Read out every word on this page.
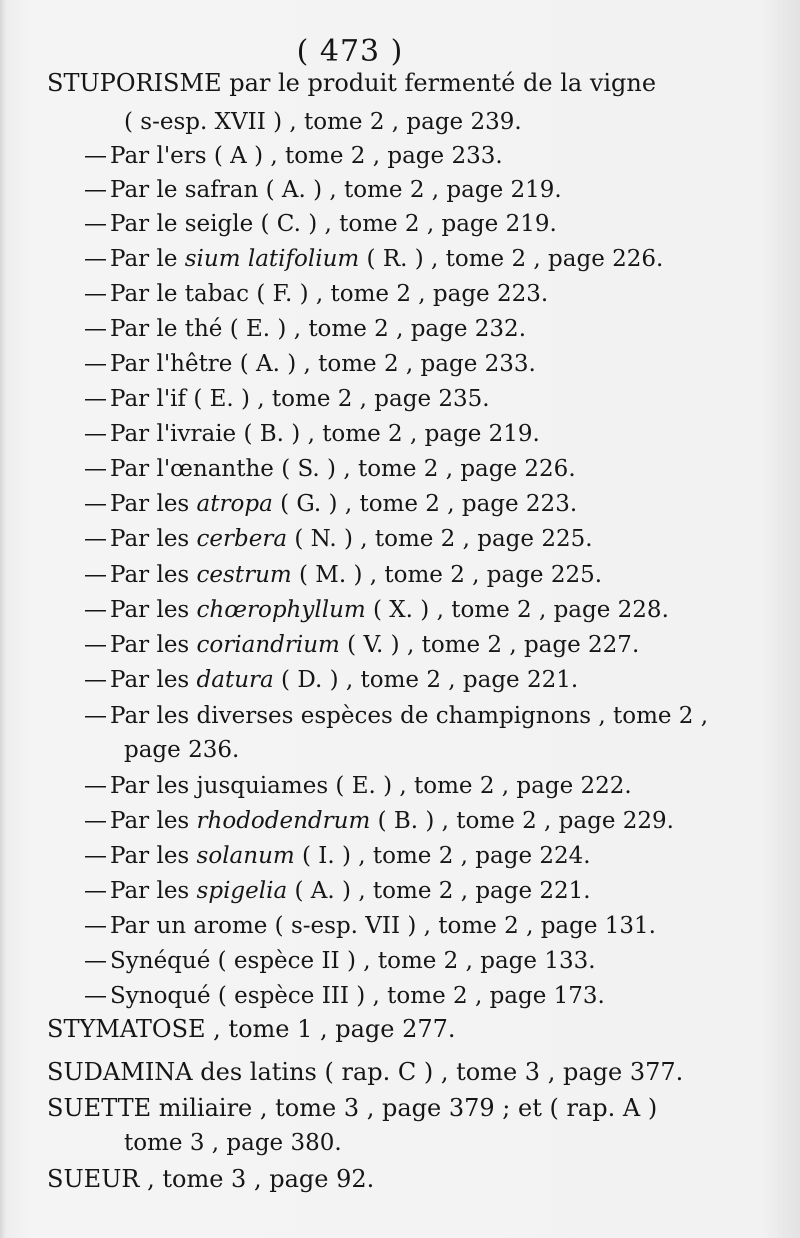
( 473 )
STUPORISME par le produit fermenté de la vigne
( s-esp. XVII ) , tome 2 , page 239.
—Par l'ers ( A ) , tome 2 , page 233.
—Par le safran ( A. ) , tome 2 , page 219.
—Par le seigle ( C. ) , tome 2 , page 219.
—Par le sium latifolium ( R. ) , tome 2 , page 226.
—Par le tabac ( F. ) , tome 2 , page 223.
—Par le thé ( E. ) , tome 2 , page 232.
—Par l'hêtre ( A. ) , tome 2 , page 233.
—Par l'if ( E. ) , tome 2 , page 235.
—Par l'ivraie ( B. ) , tome 2 , page 219.
—Par l'œnanthe ( S. ) , tome 2 , page 226.
—Par les atropa ( G. ) , tome 2 , page 223.
—Par les cerbera ( N. ) , tome 2 , page 225.
—Par les cestrum ( M. ) , tome 2 , page 225.
—Par les chœrophyllum ( X. ) , tome 2 , page 228.
—Par les coriandrium ( V. ) , tome 2 , page 227.
—Par les datura ( D. ) , tome 2 , page 221.
—Par les diverses espèces de champignons , tome 2 ,
page 236.
—Par les jusquiames ( E. ) , tome 2 , page 222.
—Par les rhododendrum ( B. ) , tome 2 , page 229.
—Par les solanum ( I. ) , tome 2 , page 224.
—Par les spigelia ( A. ) , tome 2 , page 221.
—Par un arome ( s-esp. VII ) , tome 2 , page 131.
—Synéqué ( espèce II ) , tome 2 , page 133.
—Synoqué ( espèce III ) , tome 2 , page 173.
STYMATOSE , tome 1 , page 277.
SUDAMINA des latins ( rap. C ) , tome 3 , page 377.
SUETTE miliaire , tome 3 , page 379 ; et ( rap. A )
tome 3 , page 380.
SUEUR , tome 3 , page 92.
